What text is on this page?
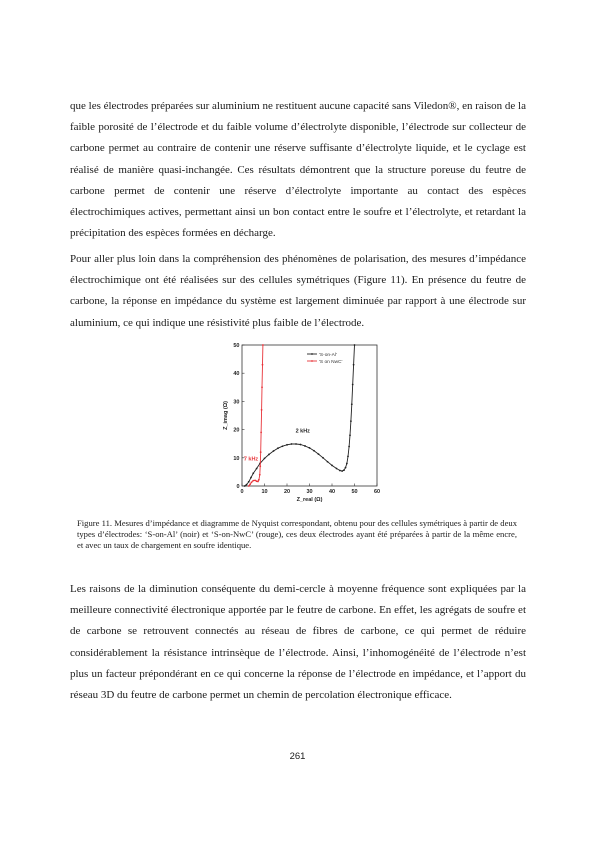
que les électrodes préparées sur aluminium ne restituent aucune capacité sans Viledon®, en raison de la faible porosité de l’électrode et du faible volume d’électrolyte disponible, l’électrode sur collecteur de carbone permet au contraire de contenir une réserve suffisante d’électrolyte liquide, et le cyclage est réalisé de manière quasi-inchangée. Ces résultats démontrent que la structure poreuse du feutre de carbone permet de contenir une réserve d’électrolyte importante au contact des espèces électrochimiques actives, permettant ainsi un bon contact entre le soufre et l’électrolyte, et retardant la précipitation des espèces formées en décharge.

Pour aller plus loin dans la compréhension des phénomènes de polarisation, des mesures d’impédance électrochimique ont été réalisées sur des cellules symétriques (Figure 11). En présence du feutre de carbone, la réponse en impédance du système est largement diminuée par rapport à une électrode sur aluminium, ce qui indique une résistivité plus faible de l’électrode.

0	10	20	30	40	50	60
0
10
20
30
40
50
Z_real (Ω)
Z_imag (Ω)
'S-on-Al'
'S on NwC'
2 kHz
7 kHz

Figure 11. Mesures d’impédance et diagramme de Nyquist correspondant, obtenu pour des cellules symétriques à partir de deux types d’électrodes: ‘S-on-Al’ (noir) et ‘S-on-NwC’ (rouge), ces deux électrodes ayant été préparées à partir de la même encre, et avec un taux de chargement en soufre identique.

Les raisons de la diminution conséquente du demi-cercle à moyenne fréquence sont expliquées par la meilleure connectivité électronique apportée par le feutre de carbone. En effet, les agrégats de soufre et de carbone se retrouvent connectés au réseau de fibres de carbone, ce qui permet de réduire considérablement la résistance intrinsèque de l’électrode. Ainsi, l’inhomogénéité de l’électrode n’est plus un facteur prépondérant en ce qui concerne la réponse de l’électrode en impédance, et l’apport du réseau 3D du feutre de carbone permet un chemin de percolation électronique efficace.

261
